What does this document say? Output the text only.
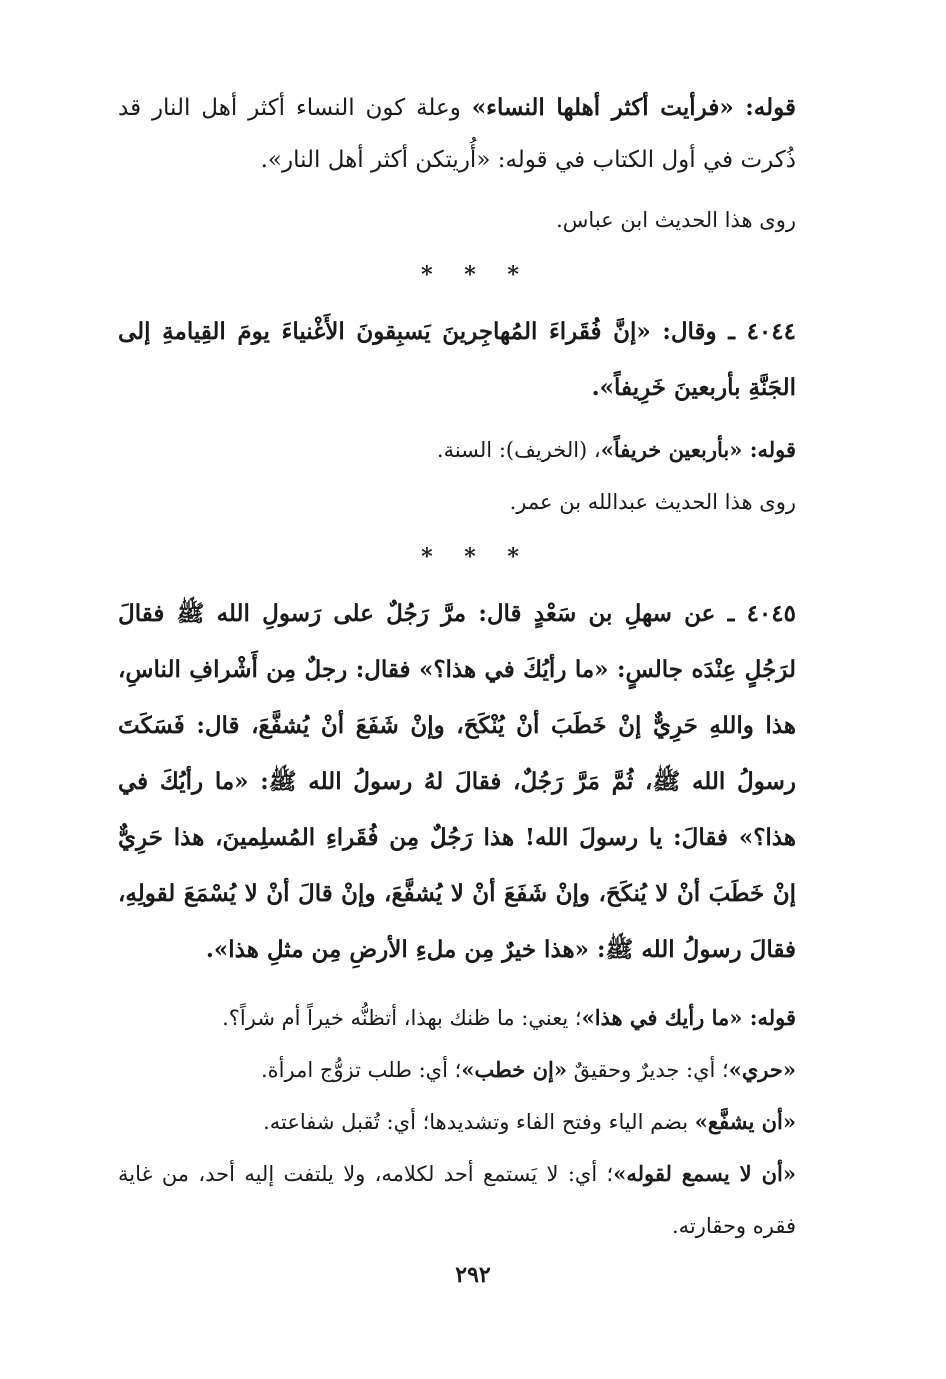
قوله: «فرأيت أكثر أهلها النساء» وعلة كون النساء أكثر أهل النار قد ذُكرت في أول الكتاب في قوله: «أُريتكن أكثر أهل النار».

روى هذا الحديث ابن عباس.

* * *

٤٠٤٤ ـ وقال: «إنَّ فُقَراءَ المُهاجِرينَ يَسبِقونَ الأَغْنياءَ يومَ القِيامةِ إلى الجَنَّةِ بأربعينَ خَرِيفاً».

قوله: «بأربعين خريفاً»، (الخريف): السنة.

روى هذا الحديث عبدالله بن عمر.

* * *

٤٠٤٥ ـ عن سهلِ بن سَعْدٍ قال: مرَّ رَجُلٌ على رَسولِ الله ﷺ فقالَ لرَجُلٍ عِنْدَه جالسٍ: «ما رأيُكَ في هذا؟» فقال: رجلٌ مِن أَشْرافِ الناسِ، هذا واللهِ حَرِيٌّ إنْ خَطَبَ أنْ يُنْكَحَ، وإنْ شَفَعَ أنْ يُشفَّعَ، قال: فَسَكَتَ رسولُ الله ﷺ، ثُمَّ مَرَّ رَجُلٌ، فقالَ لهُ رسولُ الله ﷺ: «ما رأيُكَ في هذا؟» فقالَ: يا رسولَ الله! هذا رَجُلٌ مِن فُقَراءِ المُسلِمينَ، هذا حَرِيٌّ إنْ خَطَبَ أنْ لا يُنكَحَ، وإنْ شَفَعَ أنْ لا يُشفَّعَ، وإنْ قالَ أنْ لا يُسْمَعَ لقولِهِ، فقالَ رسولُ الله ﷺ: «هذا خيرٌ مِن ملءِ الأرضِ مِن مثلِ هذا».

قوله: «ما رأيك في هذا»؛ يعني: ما ظنك بهذا، أتظنُّه خيراً أم شراً؟.

«حري»؛ أي: جديرٌ وحقيقٌ «إن خطب»؛ أي: طلب تزوُّج امرأة.

«أن يشفَّع» بضم الياء وفتح الفاء وتشديدها؛ أي: تُقبل شفاعته.

«أن لا يسمع لقوله»؛ أي: لا يَستمع أحد لكلامه، ولا يلتفت إليه أحد، من غاية فقره وحقارته.

٢٩٢
